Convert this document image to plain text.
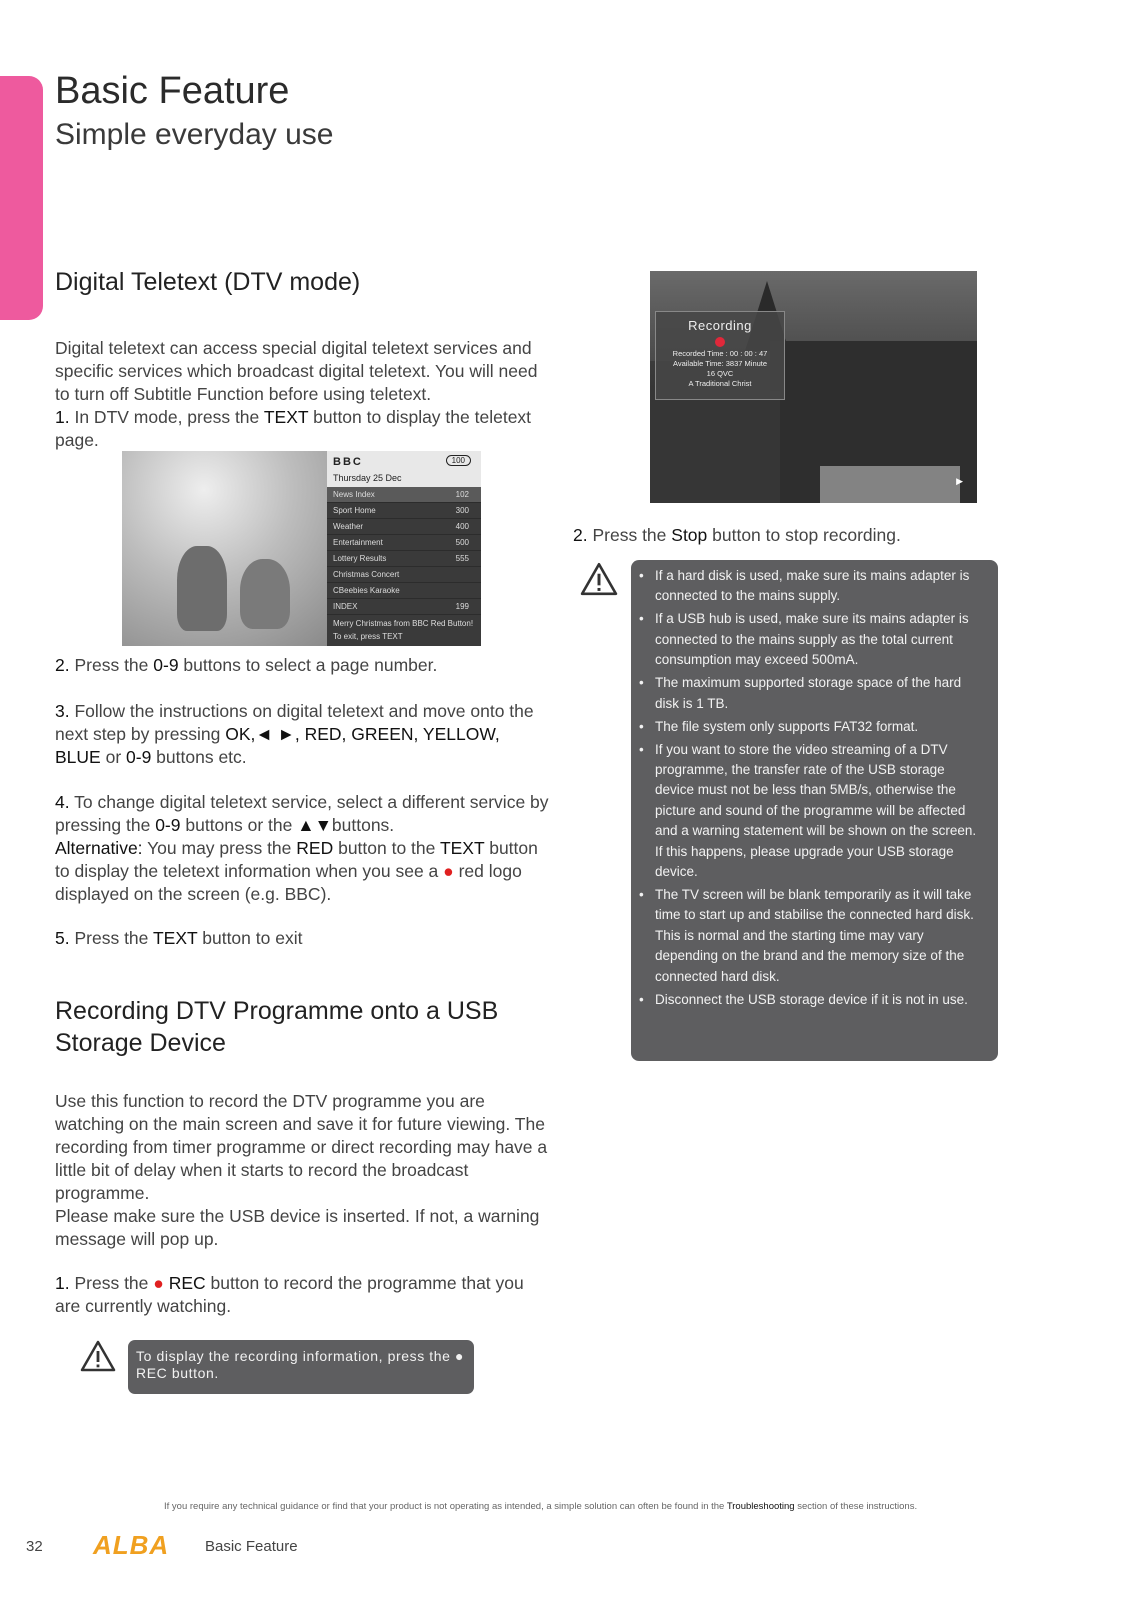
Basic Feature
Simple everyday use
Digital Teletext (DTV mode)

Digital teletext can access special digital teletext services and specific services which broadcast digital teletext. You will need to turn off Subtitle Function before using teletext.
1. In DTV mode, press the TEXT button to display the teletext page.

BBC	100
Thursday 25 Dec
News Index	102
Sport Home	300
Weather	400
Entertainment	500
Lottery Results	555
Christmas Concert
CBeebies Karaoke
INDEX	199
Merry Christmas from BBC Red Button!
To exit, press TEXT

2. Press the 0-9 buttons to select a page number.

3. Follow the instructions on digital teletext and move onto the next step by pressing OK,◄ ►, RED, GREEN, YELLOW, BLUE or 0-9 buttons etc.

4. To change digital teletext service, select a different service by pressing the 0-9 buttons or the ▲▼buttons.
Alternative: You may press the RED button to the TEXT button to display the teletext information when you see a ● red logo displayed on the screen (e.g. BBC).

5. Press the TEXT button to exit

Recording DTV Programme onto a USB Storage Device

Use this function to record the DTV programme you are watching on the main screen and save it for future viewing. The recording from timer programme or direct recording may have a little bit of delay when it starts to record the broadcast programme.
Please make sure the USB device is inserted. If not, a warning message will pop up.

1. Press the ● REC button to record the programme that you are currently watching.

To display the recording information, press the ● REC button.
Recording
Recorded Time : 00 : 00 : 47
Available Time: 3837 Minute
16 QVC
A Traditional Christ
▶

2. Press the Stop button to stop recording.

• If a hard disk is used, make sure its mains adapter is connected to the mains supply.
• If a USB hub is used, make sure its mains adapter is connected to the mains supply as the total current consumption may exceed 500mA.
• The maximum supported storage space of the hard disk is 1 TB.
• The file system only supports FAT32 format.
• If you want to store the video streaming of a DTV programme, the transfer rate of the USB storage device must not be less than 5MB/s, otherwise the picture and sound of the programme will be affected and a warning statement will be shown on the screen. If this happens, please upgrade your USB storage device.
• The TV screen will be blank temporarily as it will take time to start up and stabilise the connected hard disk. This is normal and the starting time may vary depending on the brand and the memory size of the connected hard disk.
• Disconnect the USB storage device if it is not in use.
If you require any technical guidance or find that your product is not operating as intended, a simple solution can often be found in the Troubleshooting section of these instructions.
32 ALBA Basic Feature
